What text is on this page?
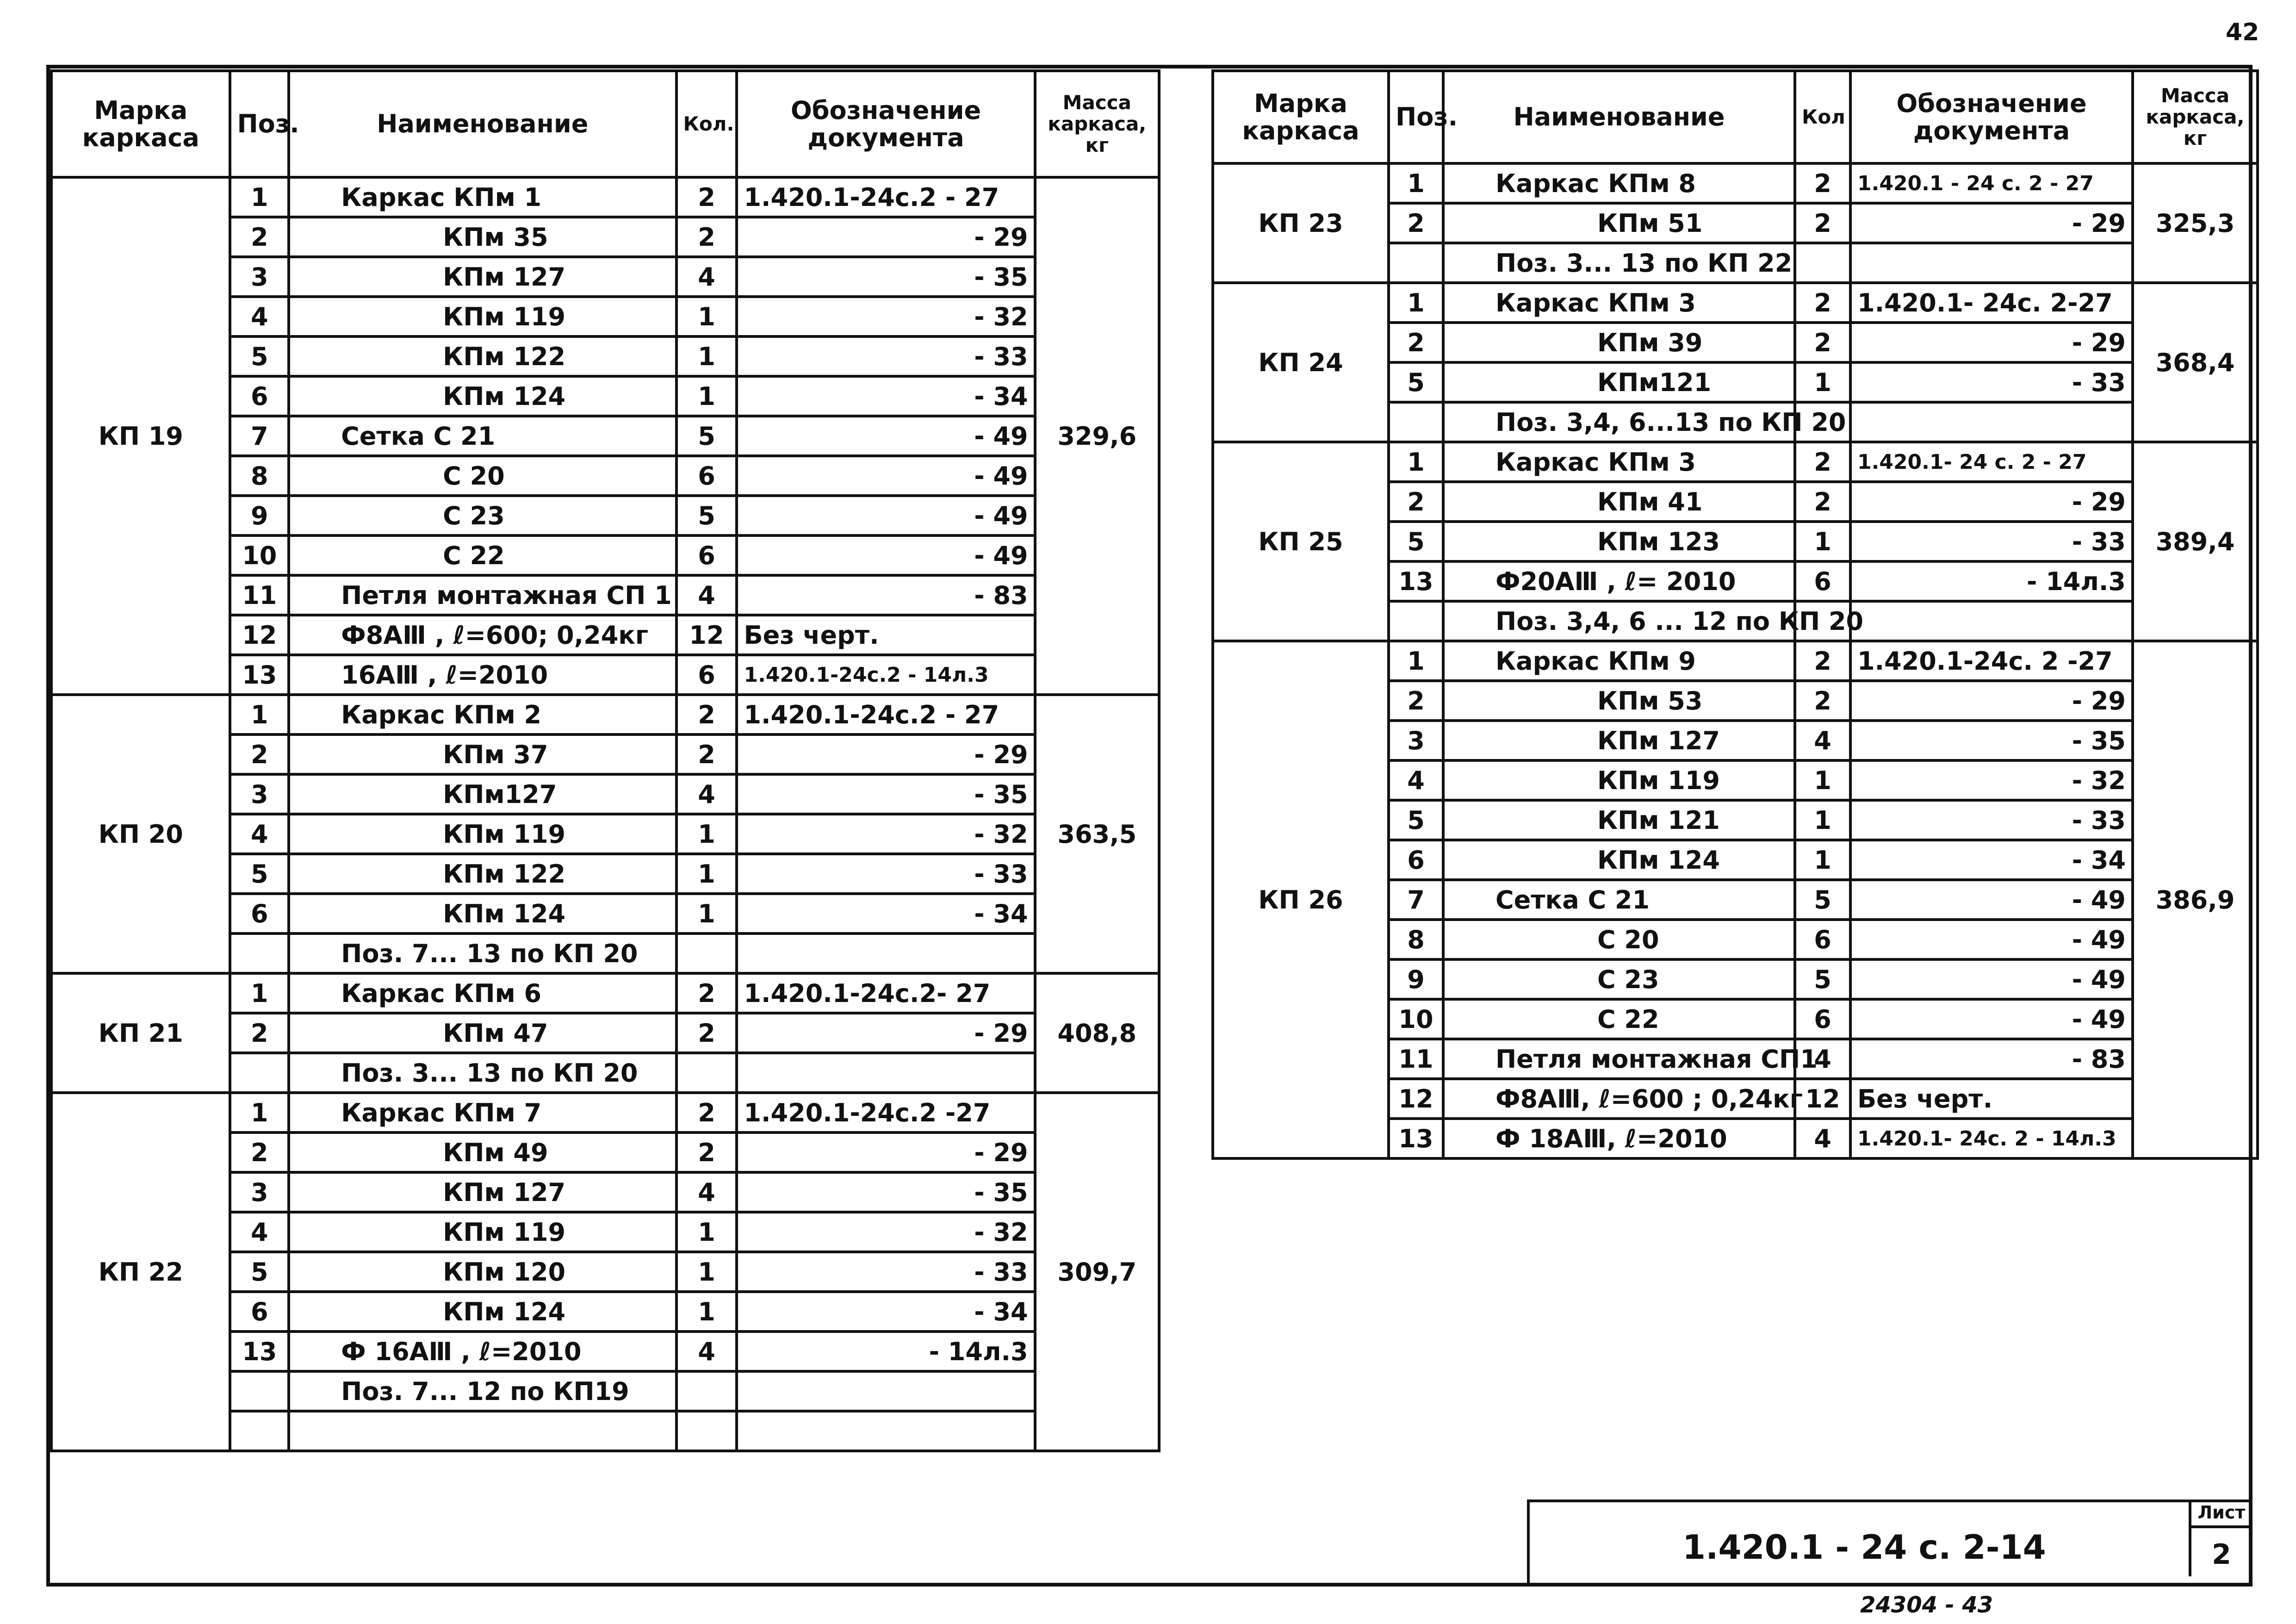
42
Марка каркаса	Поз.	Наименование	Кол.	Обозначение документа	Масса каркаса, кг
КП 19	1	Каркас КПм 1	2	1.420.1-24с.2 - 27	329,6
	2	КПм 35	2	- 29	
	3	КПм 127	4	- 35	
	4	КПм 119	1	- 32	
	5	КПм 122	1	- 33	
	6	КПм 124	1	- 34	
	7	Сетка С 21	5	- 49	
	8	С 20	6	- 49	
	9	С 23	5	- 49	
	10	С 22	6	- 49	
	11	Петля монтажная СП 1	4	- 83	
	12	Ф8АⅢ , ℓ=600; 0,24кг	12	Без черт.	
	13	16АⅢ , ℓ=2010	6	1.420.1-24с.2 - 14л.3	
КП 20	1	Каркас КПм 2	2	1.420.1-24с.2 - 27	363,5
	2	КПм 37	2	- 29	
	3	КПм127	4	- 35	
	4	КПм 119	1	- 32	
	5	КПм 122	1	- 33	
	6	КПм 124	1	- 34	
		Поз. 7... 13 по КП 20			
КП 21	1	Каркас КПм 6	2	1.420.1-24с.2- 27	408,8
	2	КПм 47	2	- 29	
		Поз. 3... 13 по КП 20			
КП 22	1	Каркас КПм 7	2	1.420.1-24с.2 -27	309,7
	2	КПм 49	2	- 29	
	3	КПм 127	4	- 35	
	4	КПм 119	1	- 32	
	5	КПм 120	1	- 33	
	6	КПм 124	1	- 34	
	13	Ф 16АⅢ , ℓ=2010	4	- 14л.3	
		Поз. 7... 12 по КП19			

Марка каркаса	Поз.	Наименование	Кол	Обозначение документа	Масса каркаса, кг
КП 23	1	Каркас КПм 8	2	1.420.1 - 24 с. 2 - 27	325,3
	2	КПм 51	2	- 29	
		Поз. 3... 13 по КП 22			
КП 24	1	Каркас КПм 3	2	1.420.1- 24с. 2-27	368,4
	2	КПм 39	2	- 29	
	5	КПм121	1	- 33	
		Поз. 3,4, 6...13 по КП 20			
КП 25	1	Каркас КПм 3	2	1.420.1- 24 с. 2 - 27	389,4
	2	КПм 41	2	- 29	
	5	КПм 123	1	- 33	
	13	Ф20АⅢ , ℓ= 2010	6	- 14л.3	
		Поз. 3,4, 6 ... 12 по КП 20			
КП 26	1	Каркас КПм 9	2	1.420.1-24с. 2 -27	386,9
	2	КПм 53	2	- 29	
	3	КПм 127	4	- 35	
	4	КПм 119	1	- 32	
	5	КПм 121	1	- 33	
	6	КПм 124	1	- 34	
	7	Сетка С 21	5	- 49	
	8	С 20	6	- 49	
	9	С 23	5	- 49	
	10	С 22	6	- 49	
	11	Петля монтажная СП1	4	- 83	
	12	Ф8АⅢ, ℓ=600 ; 0,24кг	12	Без черт.	
	13	Ф 18АⅢ, ℓ=2010	4	1.420.1- 24с. 2 - 14л.3	
1.420.1 - 24 с. 2-14
Лист
2
24304 - 43
